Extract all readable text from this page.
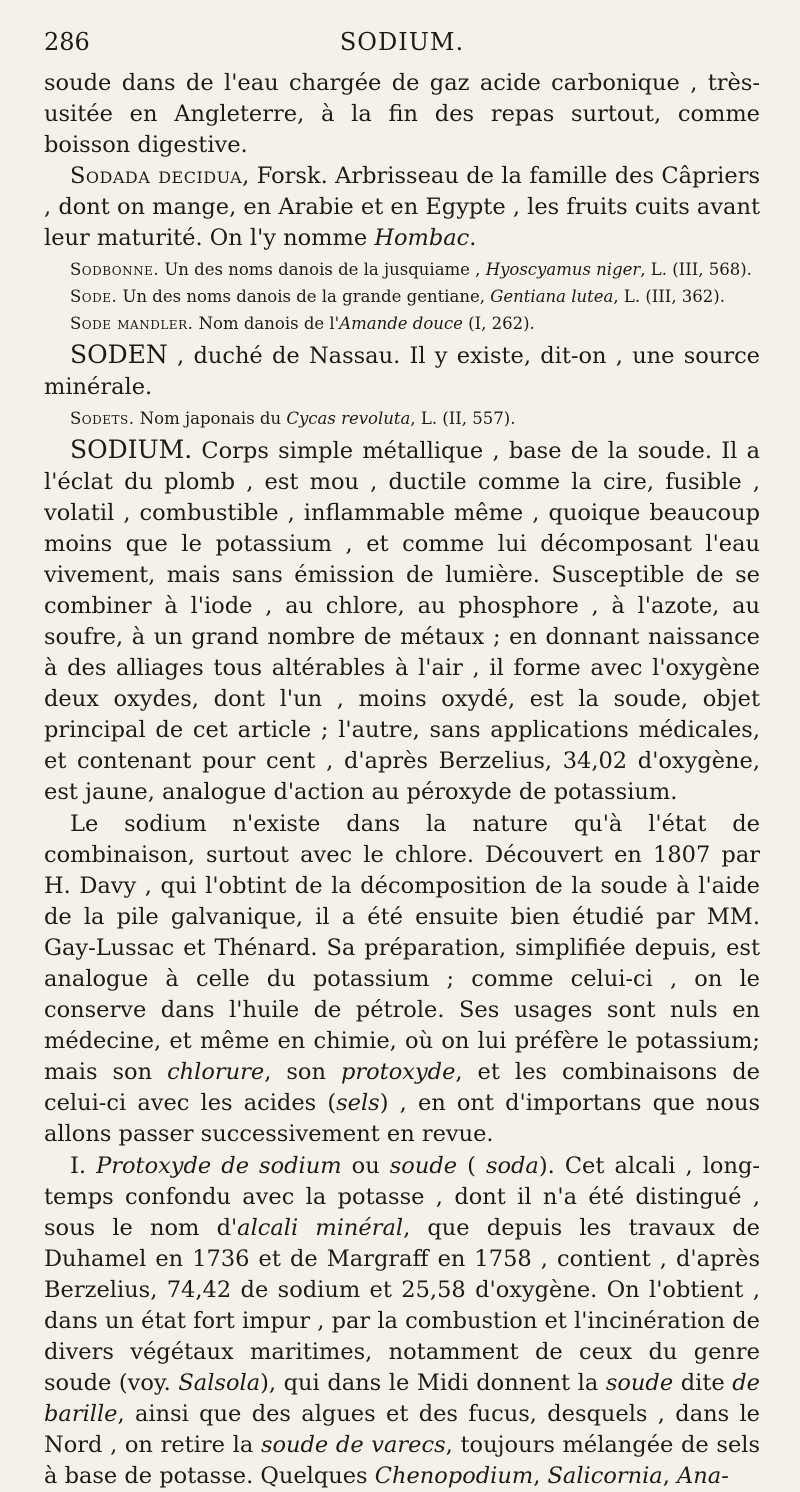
286	SODIUM.

soude dans de l'eau chargée de gaz acide carbonique , très-usitée en Angleterre, à la fin des repas surtout, comme boisson digestive.

Sodada decidua, Forsk. Arbrisseau de la famille des Câpriers , dont on mange, en Arabie et en Egypte , les fruits cuits avant leur maturité. On l'y nomme Hombac.

Sodbonne. Un des noms danois de la jusquiame , Hyoscyamus niger, L. (III, 568).

Sode. Un des noms danois de la grande gentiane, Gentiana lutea, L. (III, 362).

Sode mandler. Nom danois de l'Amande douce (I, 262).

SODEN , duché de Nassau. Il y existe, dit-on , une source minérale.

Sodets. Nom japonais du Cycas revoluta, L. (II, 557).

SODIUM. Corps simple métallique , base de la soude. Il a l'éclat du plomb , est mou , ductile comme la cire, fusible , volatil , combustible , inflammable même , quoique beaucoup moins que le potassium , et comme lui décomposant l'eau vivement, mais sans émission de lumière. Susceptible de se combiner à l'iode , au chlore, au phosphore , à l'azote, au soufre, à un grand nombre de métaux ; en donnant naissance à des alliages tous altérables à l'air , il forme avec l'oxygène deux oxydes, dont l'un , moins oxydé, est la soude, objet principal de cet article ; l'autre, sans applications médicales, et contenant pour cent , d'après Berzelius, 34,02 d'oxygène, est jaune, analogue d'action au péroxyde de potassium.

Le sodium n'existe dans la nature qu'à l'état de combinaison, surtout avec le chlore. Découvert en 1807 par H. Davy , qui l'obtint de la décomposition de la soude à l'aide de la pile galvanique, il a été ensuite bien étudié par MM. Gay-Lussac et Thénard. Sa préparation, simplifiée depuis, est analogue à celle du potassium ; comme celui-ci , on le conserve dans l'huile de pétrole. Ses usages sont nuls en médecine, et même en chimie, où on lui préfère le potassium; mais son chlorure, son protoxyde, et les combinaisons de celui-ci avec les acides (sels) , en ont d'importans que nous allons passer successivement en revue.

I. Protoxyde de sodium ou soude ( soda). Cet alcali , long-temps confondu avec la potasse , dont il n'a été distingué , sous le nom d'alcali minéral, que depuis les travaux de Duhamel en 1736 et de Margraff en 1758 , contient , d'après Berzelius, 74,42 de sodium et 25,58 d'oxygène. On l'obtient , dans un état fort impur , par la combustion et l'incinération de divers végétaux maritimes, notamment de ceux du genre soude (voy. Salsola), qui dans le Midi donnent la soude dite de barille, ainsi que des algues et des fucus, desquels , dans le Nord , on retire la soude de varecs, toujours mélangée de sels à base de potasse. Quelques Chenopodium, Salicornia, Ana-
